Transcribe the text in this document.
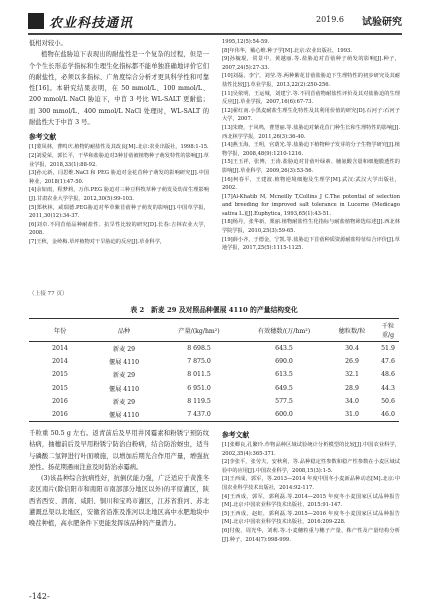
农业科技通讯	2019.6 试验研究

低相对较小。

植物在盐胁迫下表现出的耐盐性是一个复杂的过程，但是一个个生长形态学指标和生理生化指标都不能单独准确地评价它们的耐盐性，必须以多指标、广角度综合分析才更具科学性和可靠性[16]。本研究结果表明，在 50 mmol/L、100 mmol/L、200 mmol/L NaCl 胁迫下，中苜 3 号比 WL-SALT 更耐盐；而 300 mmol/L、400 mmol/L NaCl 处理时，WL-SALT 的耐盐性大于中苜 3 号。

参考文献

[1]蒙凤林，曹鸣庆.植物的耐盐性及其改良[M].北京:农业出版社，1998:1-15.

[2]刘爱荣，郭长平，干华和盐胁迫对3种苜蓿被植物种子萌发特性的影响[J].草业学报，2018,33(1):88-92.

[3]孙元新，闫思维.NaCl 和 PEG 胁迫对金花苜种子萌发的影响研究[J].中国种业，2018(1):47-50.

[4]余如雨，程梦莉，万伟.PEG 胁迫对三种豆科牧草种子萌发及幼苗生理影响[J].甘肃农业大学学报，2012,30(5):99-103.

[5]郑秋林，咸瑞德.PEG胁迫对华草紫苜蓿种子萌发的影响[J].中国草学报，2011,30(12):34-37.

[6]刘卓.不同苜蓿品种耐盐性、抗旱性比较的研究[D].长春:吉林农业大学，2008.

[7]王秋，金岭梅.草坪植物对干旱胁迫的反应[J].草业科学，

1995,12(5):54-59.

[8]年伟华，戴心维.种子学[M].北京:农业出版社，1993.

[9]孙毓琨，常景中，黄越丽.等.盐胁迫对苜蓿种子萌发的影响[J].种子，2007,24(5):27-33.

[10]刘磊，李宁，刘莹.等.两种紫花苜蓿盐胁迫下生理特性的初步研究及其耐盐性比较[J].草业学报，2013,22(2):250-256.

[11]吴依明，王运城，刘建宁.等.不同苜蓿物耐盐性评价及其对盐胁迫的生理反应[J].草业学报，2007,16(6):67-73.

[12]翟红南.小黑麦耐盐生理生化特性及其利用价值的研究[D].石河子:石河子大学，2007.

[13]朱晓，于风鸣，曹慧丽.等.盐胁迫对紫花苜门种生长和生理特性的影响[J].西北林学学报，2011,26(3):36-40.

[14]燕玉海，王明，官荫光.等.盐胁迫下植物种子发芽的分子生物学研究[J].植物学报，2008,48(9):1210-1216.

[15]王玉祥，张博，王涛.盐胁迫对苜蓿叶绿素、脯氨酸含量和细胞膜透性的影响[J].草业科学，2009,26(3):53-56.

[16]柯春平，王建波.植物逆境细胞及生理学[M].武汉:武汉大学出版社，2002.

[17]Al-Khatib M, Mcneilly T,Collins J C.The potential of selection and breeding for improved salt tolerance in Lucerne (Medicago sativa L.)[J].Euphytica, 1993,65(1):43-51.

[18]杨丹，张华新，栗丽.植物耐盐性生化指标与耐盐植物筛选综述[J].西北林学院学报，2010,25(3):59-65.

[19]薛小齐，于德金，宁凯.等.盐胁迫下苜蓿种质资源耐盐特征综合评价[J].草地学报，2017,25(5):1115-1125.

（上接 77 页）
表 2　新麦 29 及对照品种偃展 4110 的产量结构变化
年份	品种	产量/(kg/hm²)	有效穗数/(万/hm²)	穗粒数/粒	千粒重/g
2014	新麦 29	8 698.5	643.5	30.4	51.9
2014	偃展 4110	7 875.0	690.0	26.9	47.6
2015	新麦 29	8 011.5	613.5	32.1	48.6
2015	偃展 4110	6 951.0	649.5	28.9	44.3
2016	新麦 29	8 119.5	577.5	34.0	50.6
2016	偃展 4110	7 437.0	600.0	31.0	46.0

千粒重 50.5 g 左右。返青前后及早用井冈霉素和粉锈宁预防纹枯病，抽穗前后及早用粉锈宁防治白粉病，结合防治蚜虫，适当与磷酸二氢钾进行叶面喷施，以增加后期光合作用产量，增强抗逆性。扬花期遇雨注意及时防治赤霉病。

(3)该品种综合抗病性好，抗倒伏能力强，广泛适应于黄淮冬麦区南片(除信阳市和南阳市南部部分地区以外)的平原灌区，陕西省西安、渭南、咸阳、铜川和宝鸡市灌区，江苏省淮河、苏北灌溉总渠以北地区，安徽省沿淮及淮河以北地区高中水肥地块中晚茬种植，高水肥条件下更能发挥该品种的产量潜力。

参考文献

[1]张卿良,孔繁玲.作物品种区域试验统计分析模型的比较[J].中国农业科学，2002,35(4):365-371.

[2]李张平，张劳夫，安秋利，等.品种稳定性参数和稳产性参数在小麦区域试验中的应用[J].中国农业科学，2008,15(3):1-5.

[3]王西成，郭军，等.2013—2014 年度中国冬小麦新品种动态[M].北京:中国农业科学技术出版社，2014:92-117.

[4]王西成，郭军，郭利磊.等.2014—2015 年度冬小麦国家区试品种报告[M].北京:中国农业科学技术出版社，2015:91-147.

[5]王西成，赵虹，郭利磊.等.2015—2016 年度冬小麦国家区试品种报告[M].北京:中国农业科学技术出版社，2016:209-228.

[6]付俊，周光华，刘莉.等.小麦穗粒重与穗子产量、株产性及产量结构分析[J].种子，2014(7):998-999.

-142-
